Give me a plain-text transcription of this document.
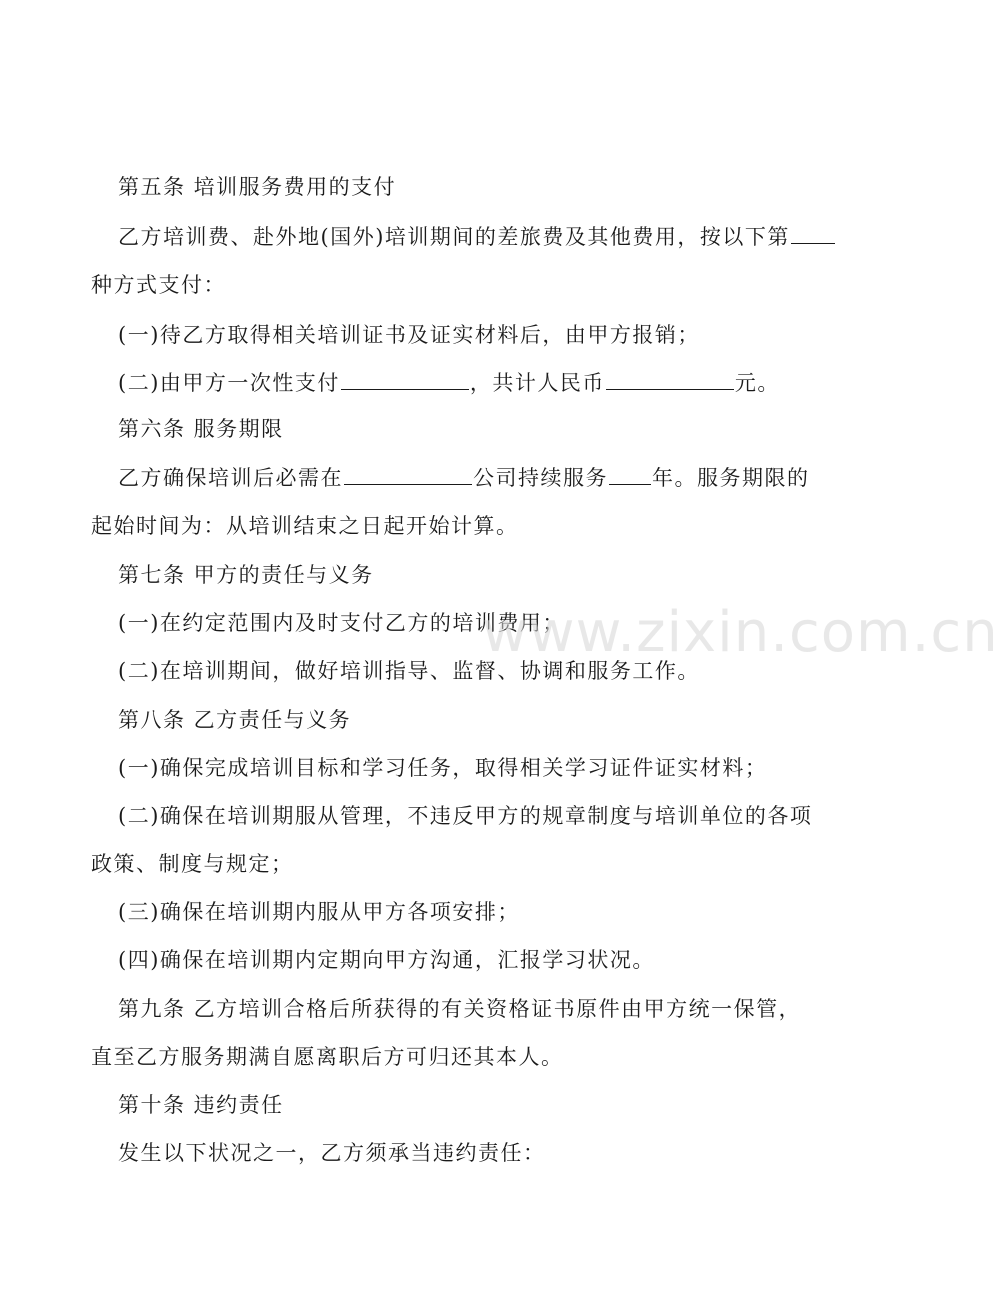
第五条 培训服务费用的支付
乙方培训费、赴外地(国外)培训期间的差旅费及其他费用，按以下第
种方式支付：
(一)待乙方取得相关培训证书及证实材料后，由甲方报销；
(二)由甲方一次性支付	，共计人民币	元。
第六条 服务期限
乙方确保培训后必需在	公司持续服务 年。服务期限的
起始时间为：从培训结束之日起开始计算。
第七条 甲方的责任与义务
(一)在约定范围内及时支付乙方的培训费用；
(二)在培训期间，做好培训指导、监督、协调和服务工作。
第八条 乙方责任与义务
(一)确保完成培训目标和学习任务，取得相关学习证件证实材料；
(二)确保在培训期服从管理，不违反甲方的规章制度与培训单位的各项
政策、制度与规定；
(三)确保在培训期内服从甲方各项安排；
(四)确保在培训期内定期向甲方沟通，汇报学习状况。
第九条 乙方培训合格后所获得的有关资格证书原件由甲方统一保管，
直至乙方服务期满自愿离职后方可归还其本人。
第十条 违约责任
发生以下状况之一，乙方须承当违约责任：
www.zixin.com.cn
